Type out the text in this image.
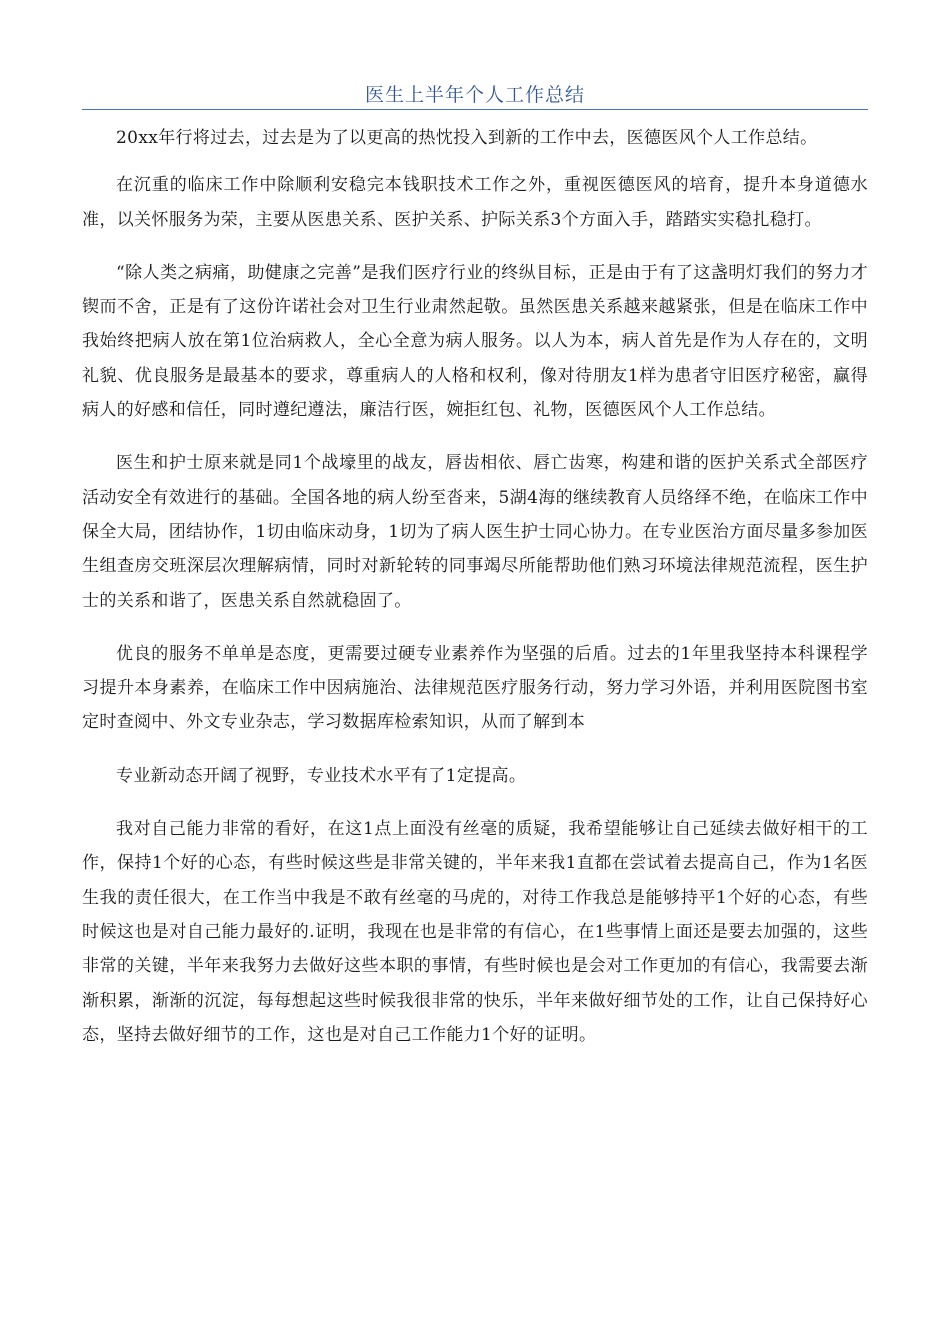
医生上半年个人工作总结

20xx年行将过去，过去是为了以更高的热忱投入到新的工作中去，医德医风个人工作总结。

在沉重的临床工作中除顺利安稳完本钱职技术工作之外，重视医德医风的培育，提升本身道德水准，以关怀服务为荣，主要从医患关系、医护关系、护际关系3个方面入手，踏踏实实稳扎稳打。

“除人类之病痛，助健康之完善”是我们医疗行业的终纵目标，正是由于有了这盏明灯我们的努力才锲而不舍，正是有了这份许诺社会对卫生行业肃然起敬。虽然医患关系越来越紧张，但是在临床工作中我始终把病人放在第1位治病救人，全心全意为病人服务。以人为本，病人首先是作为人存在的，文明礼貌、优良服务是最基本的要求，尊重病人的人格和权利，像对待朋友1样为患者守旧医疗秘密，赢得病人的好感和信任，同时遵纪遵法，廉洁行医，婉拒红包、礼物，医德医风个人工作总结。

医生和护士原来就是同1个战壕里的战友，唇齿相依、唇亡齿寒，构建和谐的医护关系式全部医疗活动安全有效进行的基础。全国各地的病人纷至沓来，5湖4海的继续教育人员络绎不绝，在临床工作中保全大局，团结协作，1切由临床动身，1切为了病人医生护士同心协力。在专业医治方面尽量多参加医生组查房交班深层次理解病情，同时对新轮转的同事竭尽所能帮助他们熟习环境法律规范流程，医生护士的关系和谐了，医患关系自然就稳固了。

优良的服务不单单是态度，更需要过硬专业素养作为坚强的后盾。过去的1年里我坚持本科课程学习提升本身素养，在临床工作中因病施治、法律规范医疗服务行动，努力学习外语，并利用医院图书室定时查阅中、外文专业杂志，学习数据库检索知识，从而了解到本

专业新动态开阔了视野，专业技术水平有了1定提高。

我对自己能力非常的看好，在这1点上面没有丝毫的质疑，我希望能够让自己延续去做好相干的工作，保持1个好的心态，有些时候这些是非常关键的，半年来我1直都在尝试着去提高自己，作为1名医生我的责任很大，在工作当中我是不敢有丝毫的马虎的，对待工作我总是能够持平1个好的心态，有些时候这也是对自己能力最好的.证明，我现在也是非常的有信心，在1些事情上面还是要去加强的，这些非常的关键，半年来我努力去做好这些本职的事情，有些时候也是会对工作更加的有信心，我需要去渐渐积累，渐渐的沉淀，每每想起这些时候我很非常的快乐，半年来做好细节处的工作，让自己保持好心态，坚持去做好细节的工作，这也是对自己工作能力1个好的证明。
